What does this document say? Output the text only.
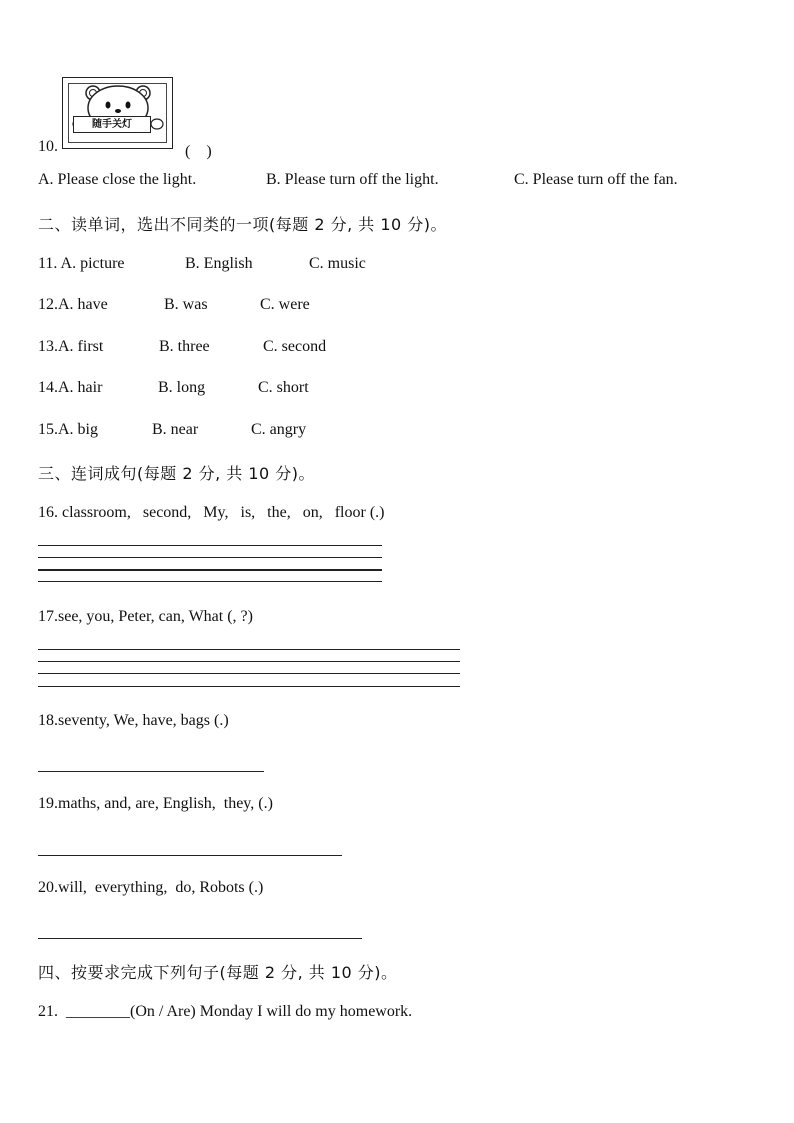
10.
随手关灯
(　)
A. Please close the light.	B. Please turn off the light.	C. Please turn off the fan.
二、读单词，选出不同类的一项(每题 2 分, 共 10 分)。
11. A. picture	B. English	C. music
12.A. have	B. was	C. were
13.A. first	B. three	C. second
14.A. hair	B. long	C. short
15.A. big	B. near	C. angry
三、连词成句(每题 2 分, 共 10 分)。
16. classroom,   second,   My,   is,   the,   on,   floor (.)
17.see, you, Peter, can, What (, ?)
18.seventy, We, have, bags (.)
19.maths, and, are, English,  they, (.)
20.will,  everything,  do, Robots (.)
四、按要求完成下列句子(每题 2 分, 共 10 分)。
21. ________(On / Are) Monday I will do my homework.
